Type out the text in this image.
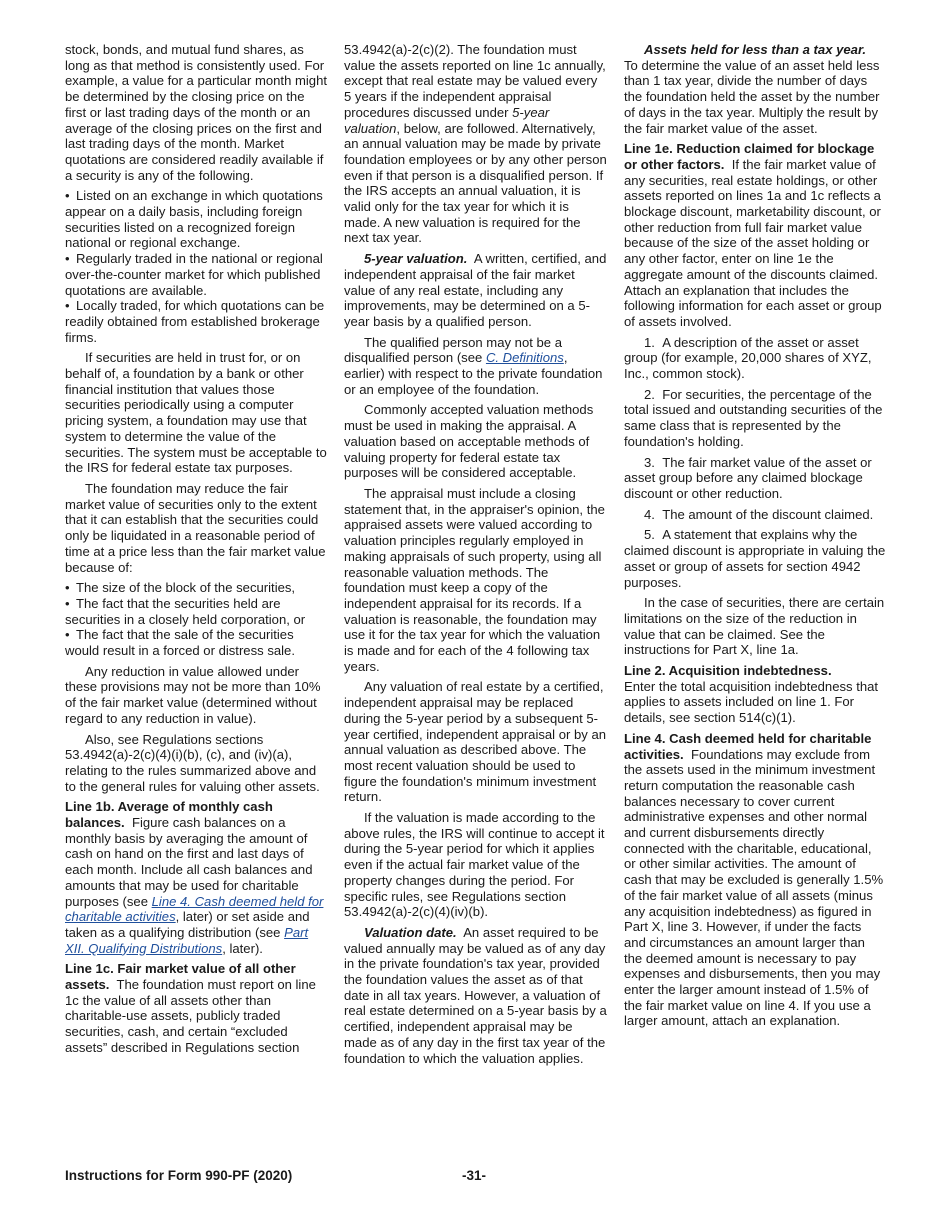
stock, bonds, and mutual fund shares, as long as that method is consistently used. For example, a value for a particular month might be determined by the closing price on the first or last trading days of the month or an average of the closing prices on the first and last trading days of the month. Market quotations are considered readily available if a security is any of the following.

• Listed on an exchange in which quotations appear on a daily basis, including foreign securities listed on a recognized foreign national or regional exchange.

• Regularly traded in the national or regional over-the-counter market for which published quotations are available.

• Locally traded, for which quotations can be readily obtained from established brokerage firms.

If securities are held in trust for, or on behalf of, a foundation by a bank or other financial institution that values those securities periodically using a computer pricing system, a foundation may use that system to determine the value of the securities. The system must be acceptable to the IRS for federal estate tax purposes.

The foundation may reduce the fair market value of securities only to the extent that it can establish that the securities could only be liquidated in a reasonable period of time at a price less than the fair market value because of:

• The size of the block of the securities,

• The fact that the securities held are securities in a closely held corporation, or

• The fact that the sale of the securities would result in a forced or distress sale.

Any reduction in value allowed under these provisions may not be more than 10% of the fair market value (determined without regard to any reduction in value).

Also, see Regulations sections 53.4942(a)-2(c)(4)(i)(b), (c), and (iv)(a), relating to the rules summarized above and to the general rules for valuing other assets.

Line 1b. Average of monthly cash balances. Figure cash balances on a monthly basis by averaging the amount of cash on hand on the first and last days of each month. Include all cash balances and amounts that may be used for charitable purposes (see Line 4. Cash deemed held for charitable activities, later) or set aside and taken as a qualifying distribution (see Part XII. Qualifying Distributions, later).

Line 1c. Fair market value of all other assets. The foundation must report on line 1c the value of all assets other than charitable-use assets, publicly traded securities, cash, and certain “excluded assets” described in Regulations section

53.4942(a)-2(c)(2). The foundation must value the assets reported on line 1c annually, except that real estate may be valued every 5 years if the independent appraisal procedures discussed under 5-year valuation, below, are followed. Alternatively, an annual valuation may be made by private foundation employees or by any other person even if that person is a disqualified person. If the IRS accepts an annual valuation, it is valid only for the tax year for which it is made. A new valuation is required for the next tax year.

5-year valuation. A written, certified, and independent appraisal of the fair market value of any real estate, including any improvements, may be determined on a 5-year basis by a qualified person.

The qualified person may not be a disqualified person (see C. Definitions, earlier) with respect to the private foundation or an employee of the foundation.

Commonly accepted valuation methods must be used in making the appraisal. A valuation based on acceptable methods of valuing property for federal estate tax purposes will be considered acceptable.

The appraisal must include a closing statement that, in the appraiser's opinion, the appraised assets were valued according to valuation principles regularly employed in making appraisals of such property, using all reasonable valuation methods. The foundation must keep a copy of the independent appraisal for its records. If a valuation is reasonable, the foundation may use it for the tax year for which the valuation is made and for each of the 4 following tax years.

Any valuation of real estate by a certified, independent appraisal may be replaced during the 5-year period by a subsequent 5-year certified, independent appraisal or by an annual valuation as described above. The most recent valuation should be used to figure the foundation's minimum investment return.

If the valuation is made according to the above rules, the IRS will continue to accept it during the 5-year period for which it applies even if the actual fair market value of the property changes during the period. For specific rules, see Regulations section 53.4942(a)-2(c)(4)(iv)(b).

Valuation date. An asset required to be valued annually may be valued as of any day in the private foundation's tax year, provided the foundation values the asset as of that date in all tax years. However, a valuation of real estate determined on a 5-year basis by a certified, independent appraisal may be made as of any day in the first tax year of the foundation to which the valuation applies.

Assets held for less than a tax year.

To determine the value of an asset held less than 1 tax year, divide the number of days the foundation held the asset by the number of days in the tax year. Multiply the result by the fair market value of the asset.

Line 1e. Reduction claimed for blockage or other factors. If the fair market value of any securities, real estate holdings, or other assets reported on lines 1a and 1c reflects a blockage discount, marketability discount, or other reduction from full fair market value because of the size of the asset holding or any other factor, enter on line 1e the aggregate amount of the discounts claimed. Attach an explanation that includes the following information for each asset or group of assets involved.

1.  A description of the asset or asset group (for example, 20,000 shares of XYZ, Inc., common stock).

2.  For securities, the percentage of the total issued and outstanding securities of the same class that is represented by the foundation's holding.

3.  The fair market value of the asset or asset group before any claimed blockage discount or other reduction.

4.  The amount of the discount claimed.

5.  A statement that explains why the claimed discount is appropriate in valuing the asset or group of assets for section 4942 purposes.

In the case of securities, there are certain limitations on the size of the reduction in value that can be claimed. See the instructions for Part X, line 1a.

Line 2. Acquisition indebtedness.

Enter the total acquisition indebtedness that applies to assets included on line 1. For details, see section 514(c)(1).

Line 4. Cash deemed held for charitable activities. Foundations may exclude from the assets used in the minimum investment return computation the reasonable cash balances necessary to cover current administrative expenses and other normal and current disbursements directly connected with the charitable, educational, or other similar activities. The amount of cash that may be excluded is generally 1.5% of the fair market value of all assets (minus any acquisition indebtedness) as figured in Part X, line 3. However, if under the facts and circumstances an amount larger than the deemed amount is necessary to pay expenses and disbursements, then you may enter the larger amount instead of 1.5% of the fair market value on line 4. If you use a larger amount, attach an explanation.

Instructions for Form 990-PF (2020)	-31-
